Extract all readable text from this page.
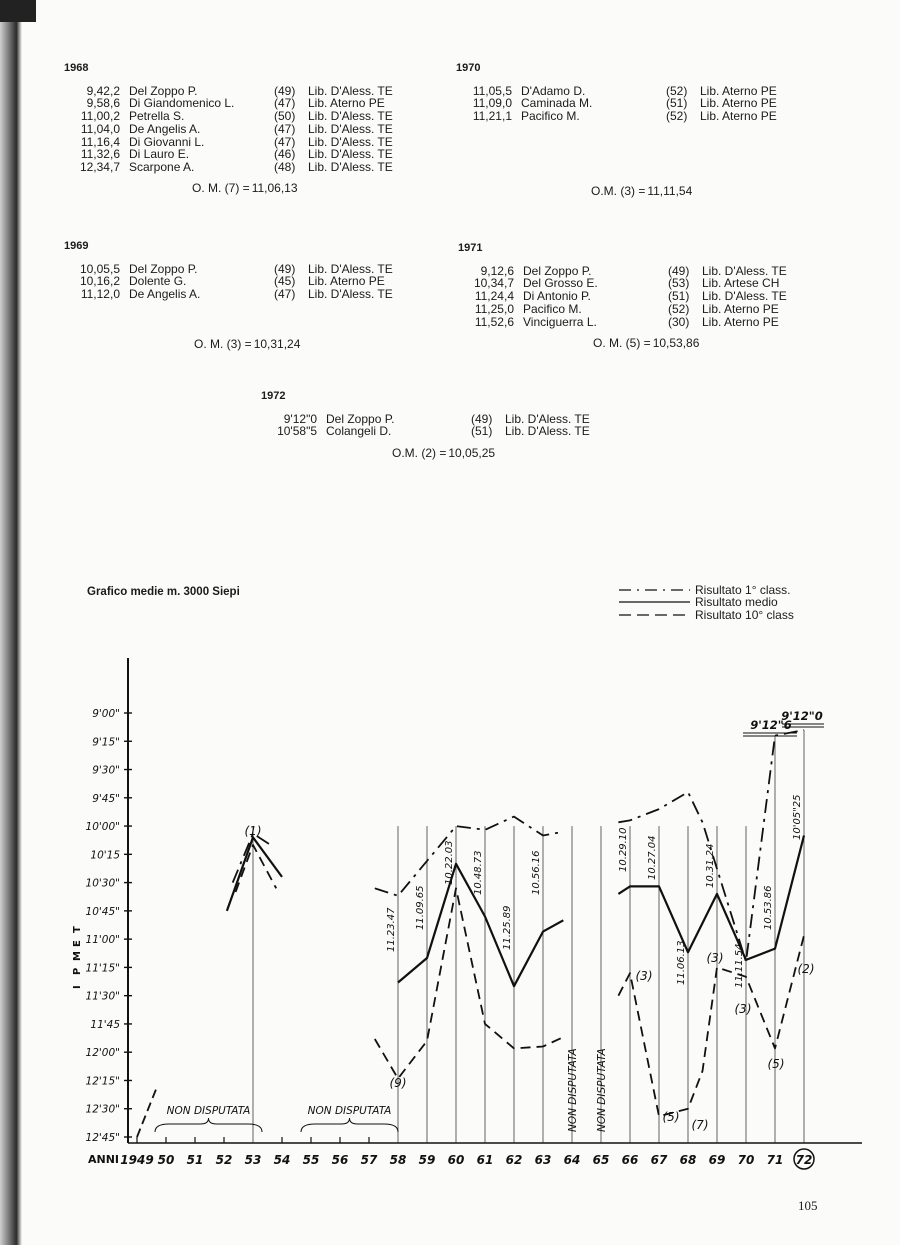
1968
9,42,2 Del Zoppo P.	(49)	Lib. D'Aless. TE
9,58,6 Di Giandomenico L.	(47)	Lib. Aterno PE
11,00,2 Petrella S.	(50)	Lib. D'Aless. TE
11,04,0 De Angelis A.	(47)	Lib. D'Aless. TE
11,16,4 Di Giovanni L.	(47)	Lib. D'Aless. TE
11,32,6 Di Lauro E.	(46)	Lib. D'Aless. TE
12,34,7 Scarpone A.	(48)	Lib. D'Aless. TE
O. M. (7) = 11,06,13
1970
11,05,5 D'Adamo D.	(52)	Lib. Aterno PE
11,09,0 Caminada M.	(51)	Lib. Aterno PE
11,21,1 Pacifico M.	(52)	Lib. Aterno PE
O.M. (3) = 11,11,54
1969
10,05,5 Del Zoppo P.	(49)	Lib. D'Aless. TE
10,16,2 Dolente G.	(45)	Lib. Aterno PE
11,12,0 De Angelis A.	(47)	Lib. D'Aless. TE
O. M. (3) = 10,31,24
1971
9,12,6 Del Zoppo P.	(49)	Lib. D'Aless. TE
10,34,7 Del Grosso E.	(53)	Lib. Artese CH
11,24,4 Di Antonio P.	(51)	Lib. D'Aless. TE
11,25,0 Pacifico M.	(52)	Lib. Aterno PE
11,52,6 Vinciguerra L.	(30)	Lib. Aterno PE
O. M. (5) = 10,53,86
1972
9'12"0 Del Zoppo P.	(49)	Lib. D'Aless. TE
10'58"5 Colangeli D.	(51)	Lib. D'Aless. TE
O.M. (2) = 10,05,25
Grafico medie m. 3000 Siepi	Risultato 1° class.
Risultato medio
Risultato 10° class
9'00"
9'15"
9'30"
9'45"
10'00"
10'15
10'30"
10'45"
11'00"
11'15"
11'30"
11'45
12'00"
12'15"
12'30"
12'45"
T
E
M
P
I
ANNI 1949 50 51 52 53 54 55 56 57 58 59 60 61 62 63 64 65 66 67 68 69 70 71 72
NON DISPUTATA	NON DISPUTATA	NON DISPUTATA NON DISPUTATA
(1)
(9)
(3)
(5)
(7)
(3)
(3)
(5)
(2)
9'12"6
9'12"0
11.23.47 11.09.65
10.22.03 10.48.73
11.25.89
10.56.16
10.29.10 10.27.04
11.06.13
10.31.24
11.11.54
10.53.86
10'05"25
105
